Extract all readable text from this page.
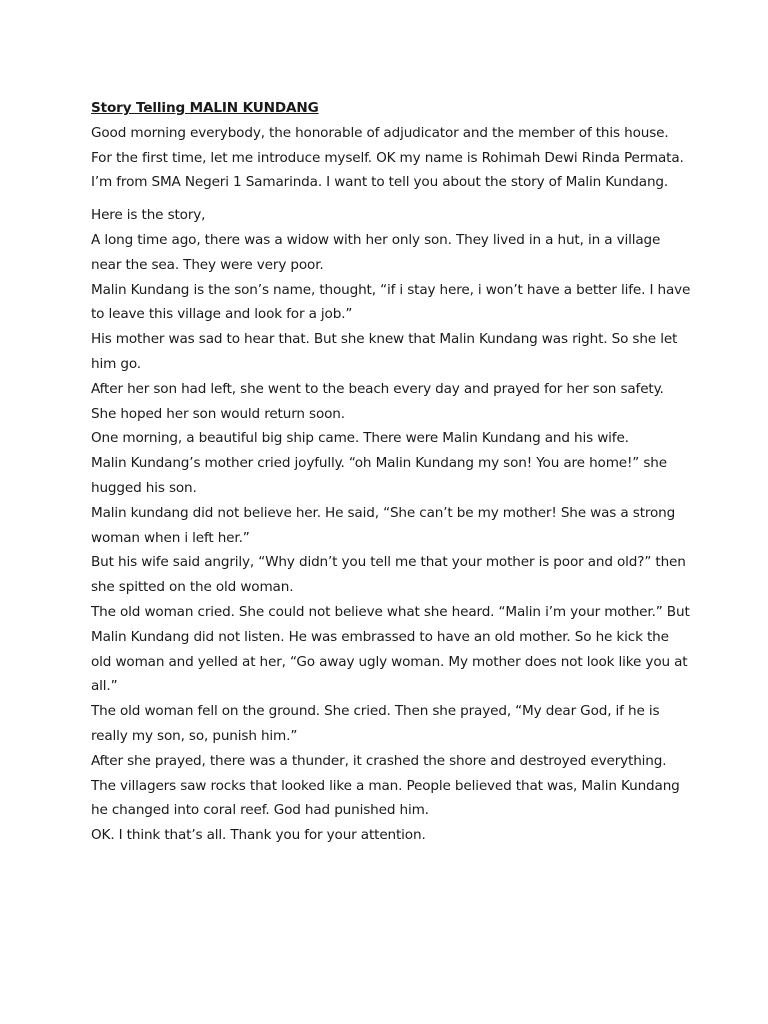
Story Telling MALIN KUNDANG

Good morning everybody, the honorable of adjudicator and the member of this house.

For the first time, let me introduce myself. OK my name is Rohimah Dewi Rinda Permata. I’m from SMA Negeri 1 Samarinda. I want to tell you about the story of Malin Kundang.

Here is the story,

A long time ago, there was a widow with her only son. They lived in a hut, in a village near the sea. They were very poor.

Malin Kundang is the son’s name, thought, “if i stay here, i won’t have a better life. I have to leave this village and look for a job.”

His mother was sad to hear that. But she knew that Malin Kundang was right. So she let him go.

After her son had left, she went to the beach every day and prayed for her son safety. She hoped her son would return soon.

One morning, a beautiful big ship came. There were Malin Kundang and his wife.

Malin Kundang’s mother cried joyfully. “oh Malin Kundang my son! You are home!” she hugged his son.

Malin kundang did not believe her. He said, “She can’t be my mother! She was a strong woman when i left her.”

But his wife said angrily, “Why didn’t you tell me that your mother is poor and old?” then she spitted on the old woman.

The old woman cried. She could not believe what she heard. “Malin i’m your mother.” But Malin Kundang did not listen. He was embrassed to have an old mother. So he kick the old woman and yelled at her, “Go away ugly woman. My mother does not look like you at all.”

The old woman fell on the ground. She cried. Then she prayed, “My dear God, if he is really my son, so, punish him.”

After she prayed, there was a thunder, it crashed the shore and destroyed everything. The villagers saw rocks that looked like a man. People believed that was, Malin Kundang he changed into coral reef. God had punished him.

OK. I think that’s all. Thank you for your attention.
